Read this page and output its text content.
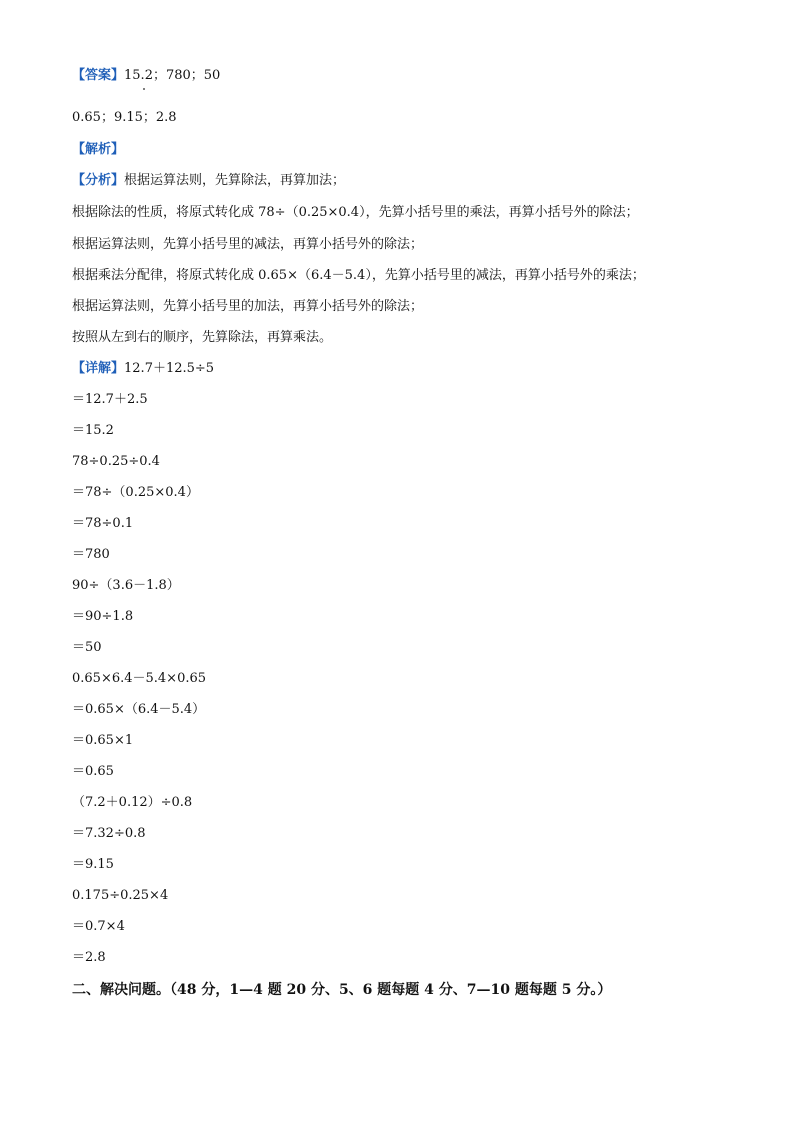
【答案】15.2；780；50
0.65；9.15；2.8
【解析】
【分析】根据运算法则，先算除法，再算加法；
根据除法的性质，将原式转化成 78÷（0.25×0.4），先算小括号里的乘法，再算小括号外的除法；
根据运算法则，先算小括号里的减法，再算小括号外的除法；
根据乘法分配律，将原式转化成 0.65×（6.4－5.4），先算小括号里的减法，再算小括号外的乘法；
根据运算法则，先算小括号里的加法，再算小括号外的除法；
按照从左到右的顺序，先算除法，再算乘法。
【详解】12.7＋12.5÷5
＝12.7＋2.5
＝15.2
78÷0.25÷0.4
＝78÷（0.25×0.4）
＝78÷0.1
＝780
90÷（3.6－1.8）
＝90÷1.8
＝50
0.65×6.4－5.4×0.65
＝0.65×（6.4－5.4）
＝0.65×1
＝0.65
（7.2＋0.12）÷0.8
＝7.32÷0.8
＝9.15
0.175÷0.25×4
＝0.7×4
＝2.8
二、解决问题。（48 分，1—4 题 20 分、5、6 题每题 4 分、7—10 题每题 5 分。）
